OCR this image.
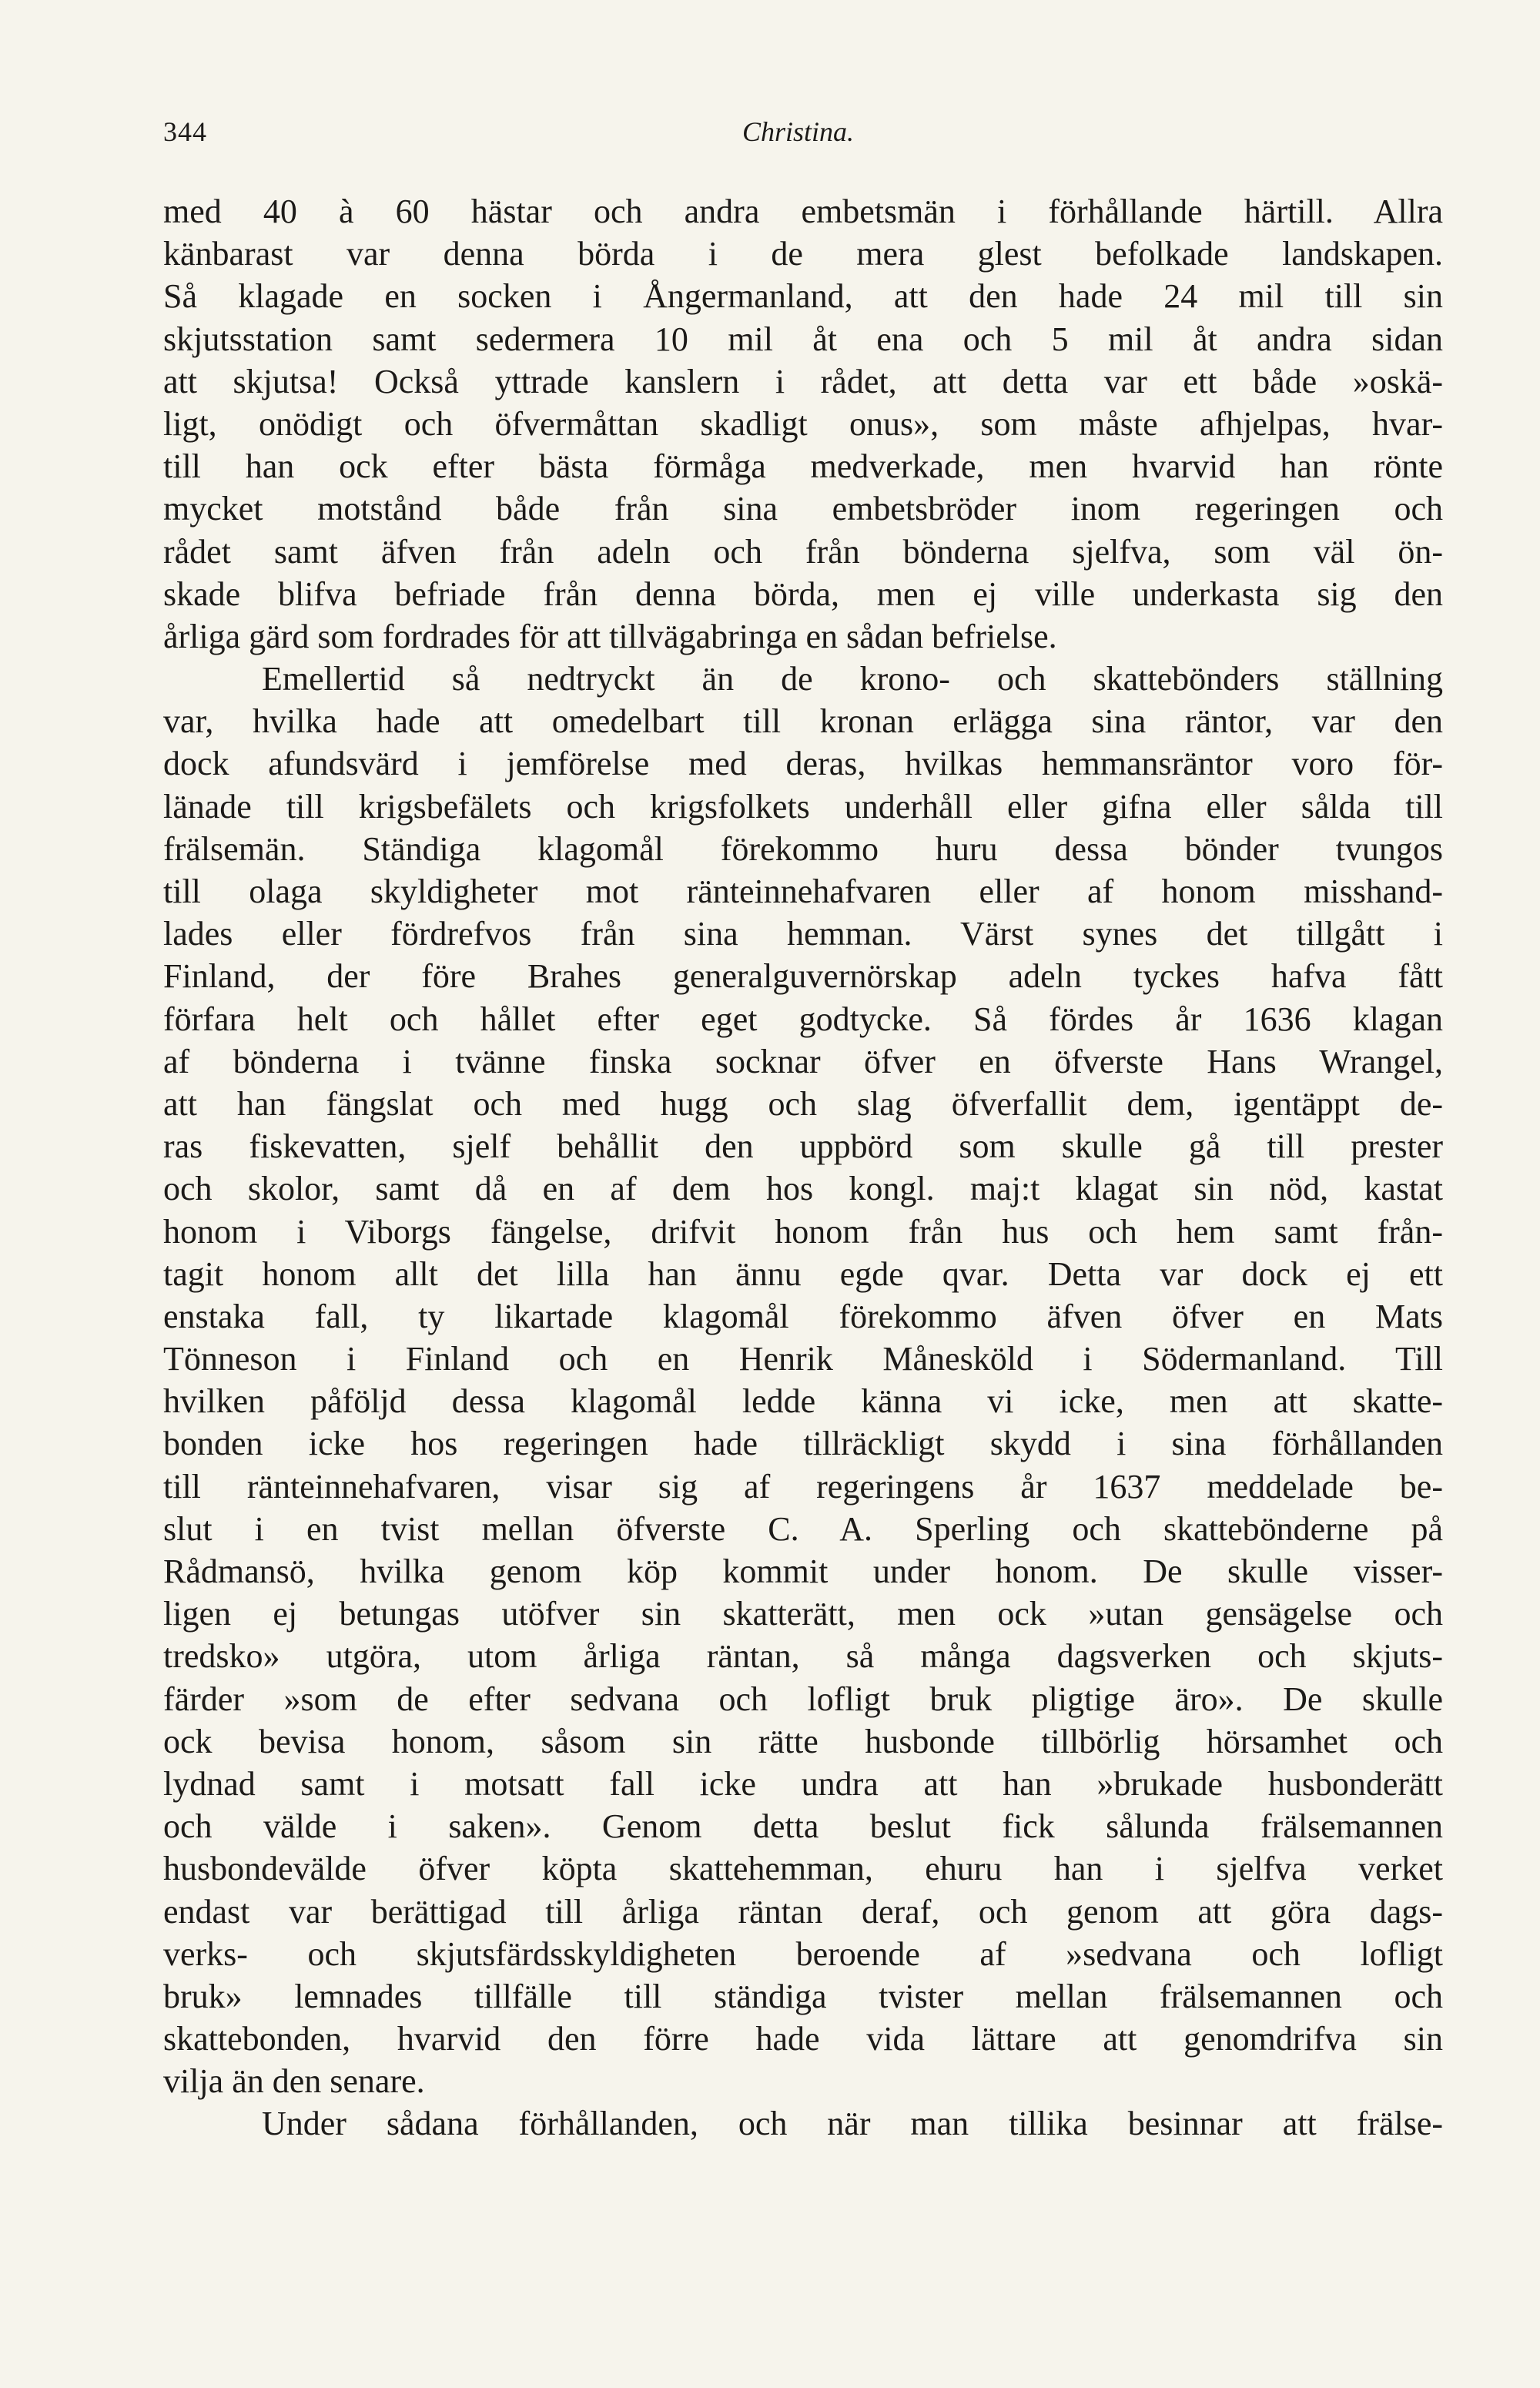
344	Christina.
med 40 à 60 hästar och andra embetsmän i förhållande härtill. Allra
känbarast var denna börda i de mera glest befolkade landskapen.
Så klagade en socken i Ångermanland, att den hade 24 mil till sin
skjutsstation samt sedermera 10 mil åt ena och 5 mil åt andra sidan
att skjutsa! Också yttrade kanslern i rådet, att detta var ett både »oskä-
ligt, onödigt och öfvermåttan skadligt onus», som måste afhjelpas, hvar-
till han ock efter bästa förmåga medverkade, men hvarvid han rönte
mycket motstånd både från sina embetsbröder inom regeringen och
rådet samt äfven från adeln och från bönderna sjelfva, som väl ön-
skade blifva befriade från denna börda, men ej ville underkasta sig den
årliga gärd som fordrades för att tillvägabringa en sådan befrielse.
Emellertid så nedtryckt än de krono- och skattebönders ställning
var, hvilka hade att omedelbart till kronan erlägga sina räntor, var den
dock afundsvärd i jemförelse med deras, hvilkas hemmansräntor voro för-
länade till krigsbefälets och krigsfolkets underhåll eller gifna eller sålda till
frälsemän. Ständiga klagomål förekommo huru dessa bönder tvungos
till olaga skyldigheter mot ränteinnehafvaren eller af honom misshand-
lades eller fördrefvos från sina hemman. Värst synes det tillgått i
Finland, der före Brahes generalguvernörskap adeln tyckes hafva fått
förfara helt och hållet efter eget godtycke. Så fördes år 1636 klagan
af bönderna i tvänne finska socknar öfver en öfverste Hans Wrangel,
att han fängslat och med hugg och slag öfverfallit dem, igentäppt de-
ras fiskevatten, sjelf behållit den uppbörd som skulle gå till prester
och skolor, samt då en af dem hos kongl. maj:t klagat sin nöd, kastat
honom i Viborgs fängelse, drifvit honom från hus och hem samt från-
tagit honom allt det lilla han ännu egde qvar. Detta var dock ej ett
enstaka fall, ty likartade klagomål förekommo äfven öfver en Mats
Tönneson i Finland och en Henrik Månesköld i Södermanland. Till
hvilken påföljd dessa klagomål ledde känna vi icke, men att skatte-
bonden icke hos regeringen hade tillräckligt skydd i sina förhållanden
till ränteinnehafvaren, visar sig af regeringens år 1637 meddelade be-
slut i en tvist mellan öfverste C. A. Sperling och skattebönderne på
Rådmansö, hvilka genom köp kommit under honom. De skulle visser-
ligen ej betungas utöfver sin skatterätt, men ock »utan gensägelse och
tredsko» utgöra, utom årliga räntan, så många dagsverken och skjuts-
färder »som de efter sedvana och lofligt bruk pligtige äro». De skulle
ock bevisa honom, såsom sin rätte husbonde tillbörlig hörsamhet och
lydnad samt i motsatt fall icke undra att han »brukade husbonderätt
och välde i saken». Genom detta beslut fick sålunda frälsemannen
husbondevälde öfver köpta skattehemman, ehuru han i sjelfva verket
endast var berättigad till årliga räntan deraf, och genom att göra dags-
verks- och skjutsfärdsskyldigheten beroende af »sedvana och lofligt
bruk» lemnades tillfälle till ständiga tvister mellan frälsemannen och
skattebonden, hvarvid den förre hade vida lättare att genomdrifva sin
vilja än den senare.
Under sådana förhållanden, och när man tillika besinnar att frälse-
